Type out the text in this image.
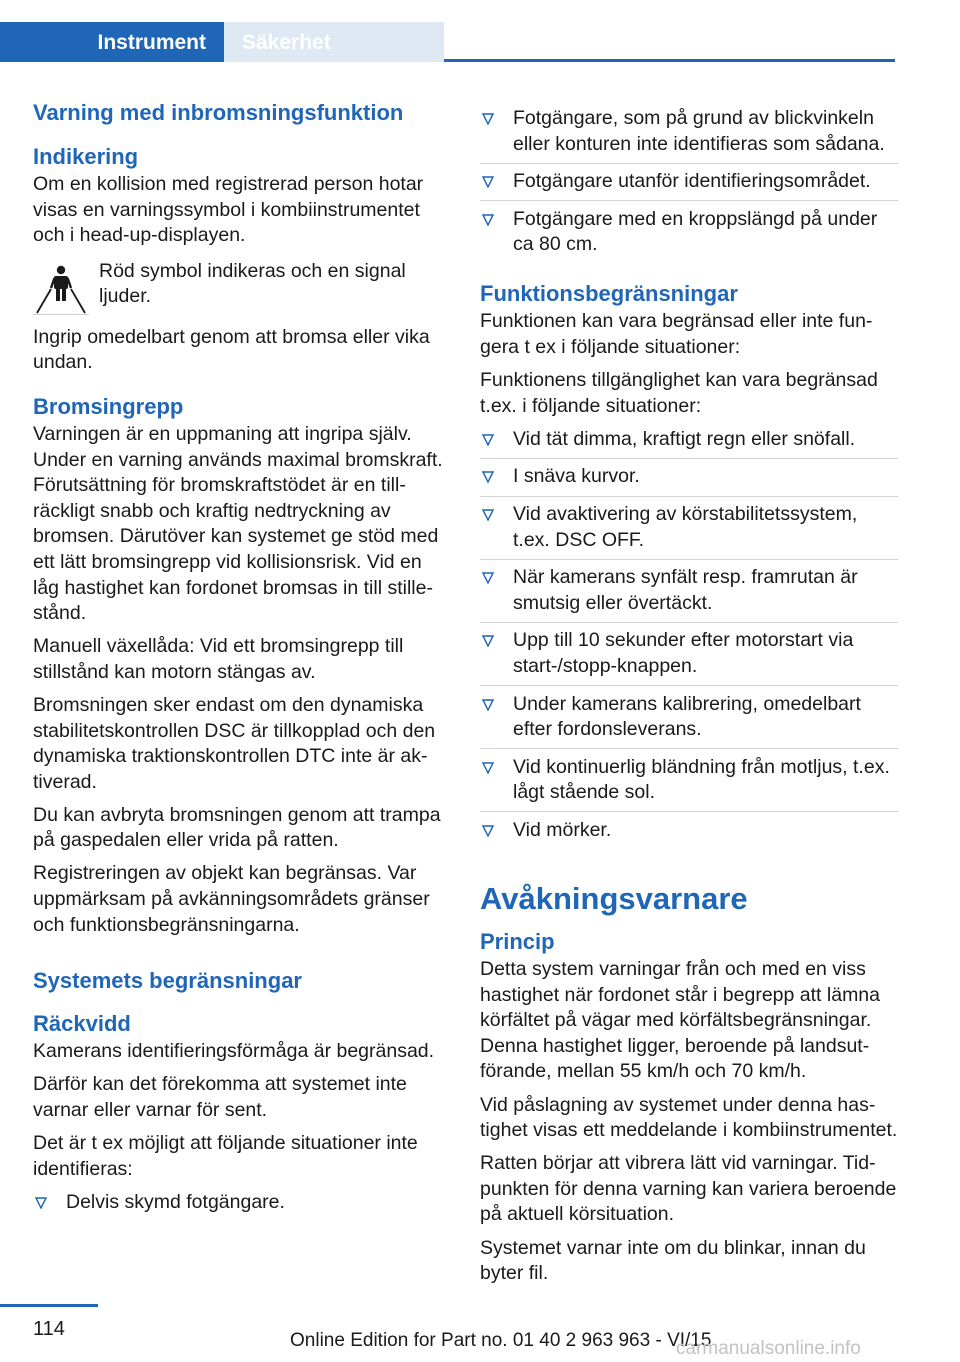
Instrument	Säkerhet
Varning med inbromsningsfunktion
Indikering

Om en kollision med registrerad person hotar visas en varningssymbol i kombiinstrumentet och i head-up-displayen.

Röd symbol indikeras och en signal ljuder.

Ingrip omedelbart genom att bromsa eller vika undan.

Bromsingrepp

Varningen är en uppmaning att ingripa själv. Under en varning används maximal bromskraft. Förutsättning för bromskraftstödet är en tillräckligt snabb och kraftig nedtryckning av bromsen. Därutöver kan systemet ge stöd med ett lätt bromsingrepp vid kollisionsrisk. Vid en låg hastighet kan fordonet bromsas in till stillestånd.

Manuell växellåda: Vid ett bromsingrepp till stillstånd kan motorn stängas av.

Bromsningen sker endast om den dynamiska stabilitetskontrollen DSC är tillkopplad och den dynamiska traktionskontrollen DTC inte är aktiverad.

Du kan avbryta bromsningen genom att trampa på gaspedalen eller vrida på ratten.

Registreringen av objekt kan begränsas. Var uppmärksam på avkänningsområdets gränser och funktionsbegränsningarna.

Systemets begränsningar
Räckvidd

Kamerans identifieringsförmåga är begränsad.

Därför kan det förekomma att systemet inte varnar eller varnar för sent.

Det är t ex möjligt att följande situationer inte identifieras:

Delvis skymd fotgängare.
Fotgängare, som på grund av blickvinkeln eller konturen inte identifieras som sådana.
Fotgängare utanför identifieringsområdet.
Fotgängare med en kroppslängd på under ca 80 cm.
Funktionsbegränsningar

Funktionen kan vara begränsad eller inte fungera t ex i följande situationer:

Funktionens tillgänglighet kan vara begränsad t.ex. i följande situationer:

Vid tät dimma, kraftigt regn eller snöfall.
I snäva kurvor.
Vid avaktivering av körstabilitetssystem, t.ex. DSC OFF.
När kamerans synfält resp. framrutan är smutsig eller övertäckt.
Upp till 10 sekunder efter motorstart via start-/stopp-knappen.
Under kamerans kalibrering, omedelbart efter fordonsleverans.
Vid kontinuerlig bländning från motljus, t.ex. lågt stående sol.
Vid mörker.
Avåkningsvarnare
Princip

Detta system varningar från och med en viss hastighet när fordonet står i begrepp att lämna körfältet på vägar med körfältsbegränsningar. Denna hastighet ligger, beroende på landsutförande, mellan 55 km/h och 70 km/h.

Vid påslagning av systemet under denna hastighet visas ett meddelande i kombiinstrumentet.

Ratten börjar att vibrera lätt vid varningar. Tidpunkten för denna varning kan variera beroende på aktuell körsituation.

Systemet varnar inte om du blinkar, innan du byter fil.

114
Online Edition for Part no. 01 40 2 963 963 - VI/15
carmanualsonline.info
